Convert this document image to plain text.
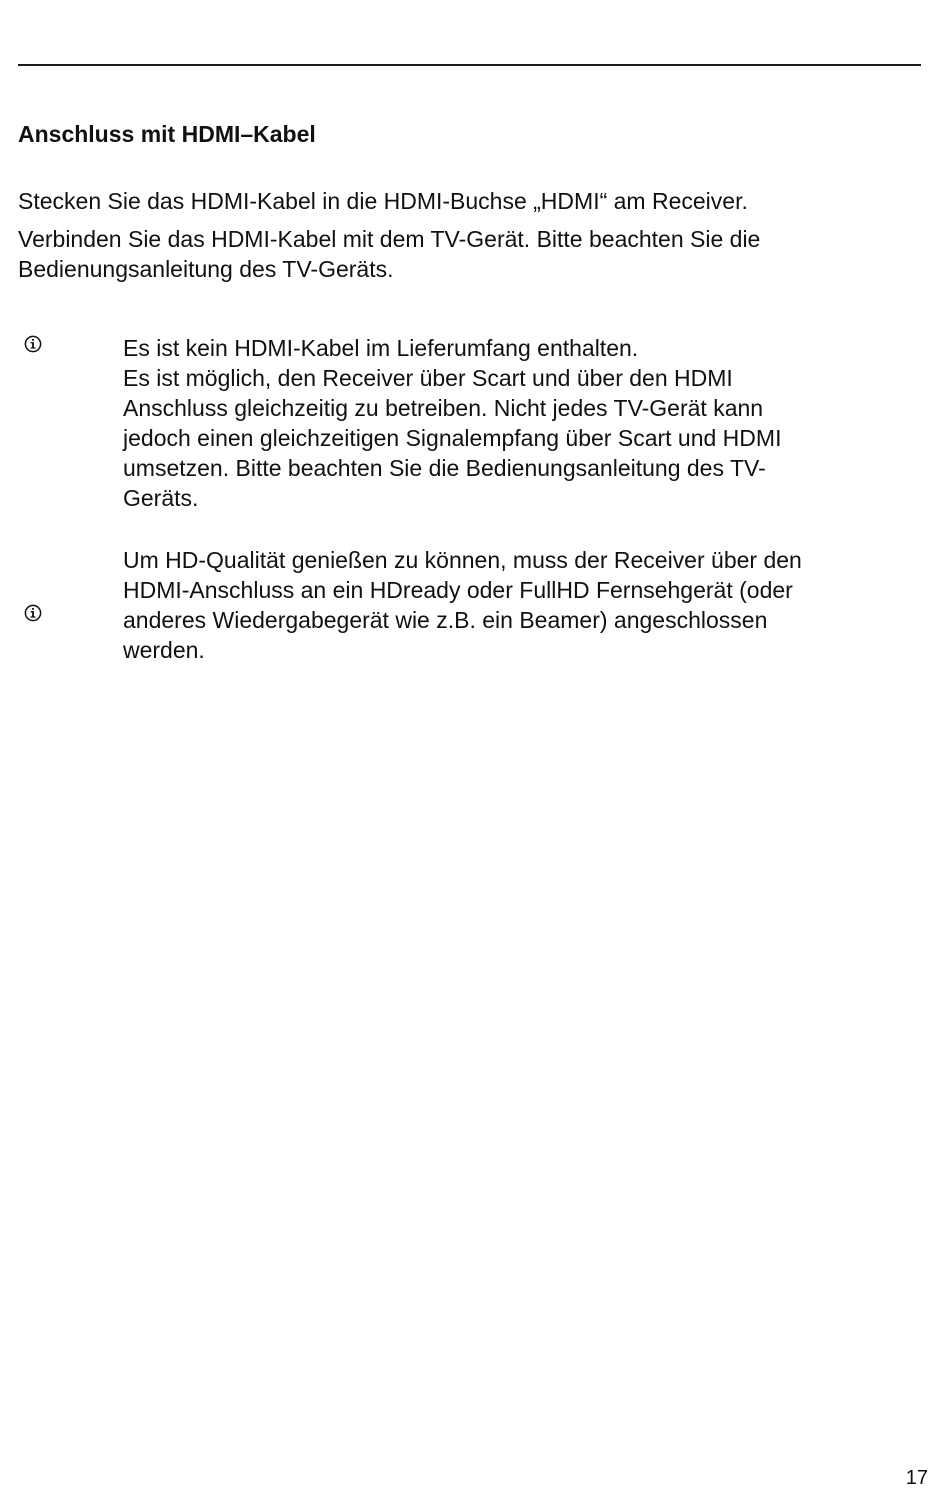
Anschluss mit HDMI–Kabel

Stecken Sie das HDMI-Kabel in die HDMI-Buchse „HDMI“ am Receiver.

Verbinden Sie das HDMI-Kabel mit dem TV-Gerät. Bitte beachten Sie die
Bedienungsanleitung des TV-Geräts.

Es ist kein HDMI-Kabel im Lieferumfang enthalten.
Es ist möglich, den Receiver über Scart und über den HDMI
Anschluss gleichzeitig zu betreiben. Nicht jedes TV-Gerät kann
jedoch einen gleichzeitigen Signalempfang über Scart und HDMI
umsetzen. Bitte beachten Sie die Bedienungsanleitung des TV-
Geräts.

Um HD-Qualität genießen zu können, muss der Receiver über den
HDMI-Anschluss an ein HDready oder FullHD Fernsehgerät (oder
anderes Wiedergabegerät wie z.B. ein Beamer) angeschlossen
werden.

17
